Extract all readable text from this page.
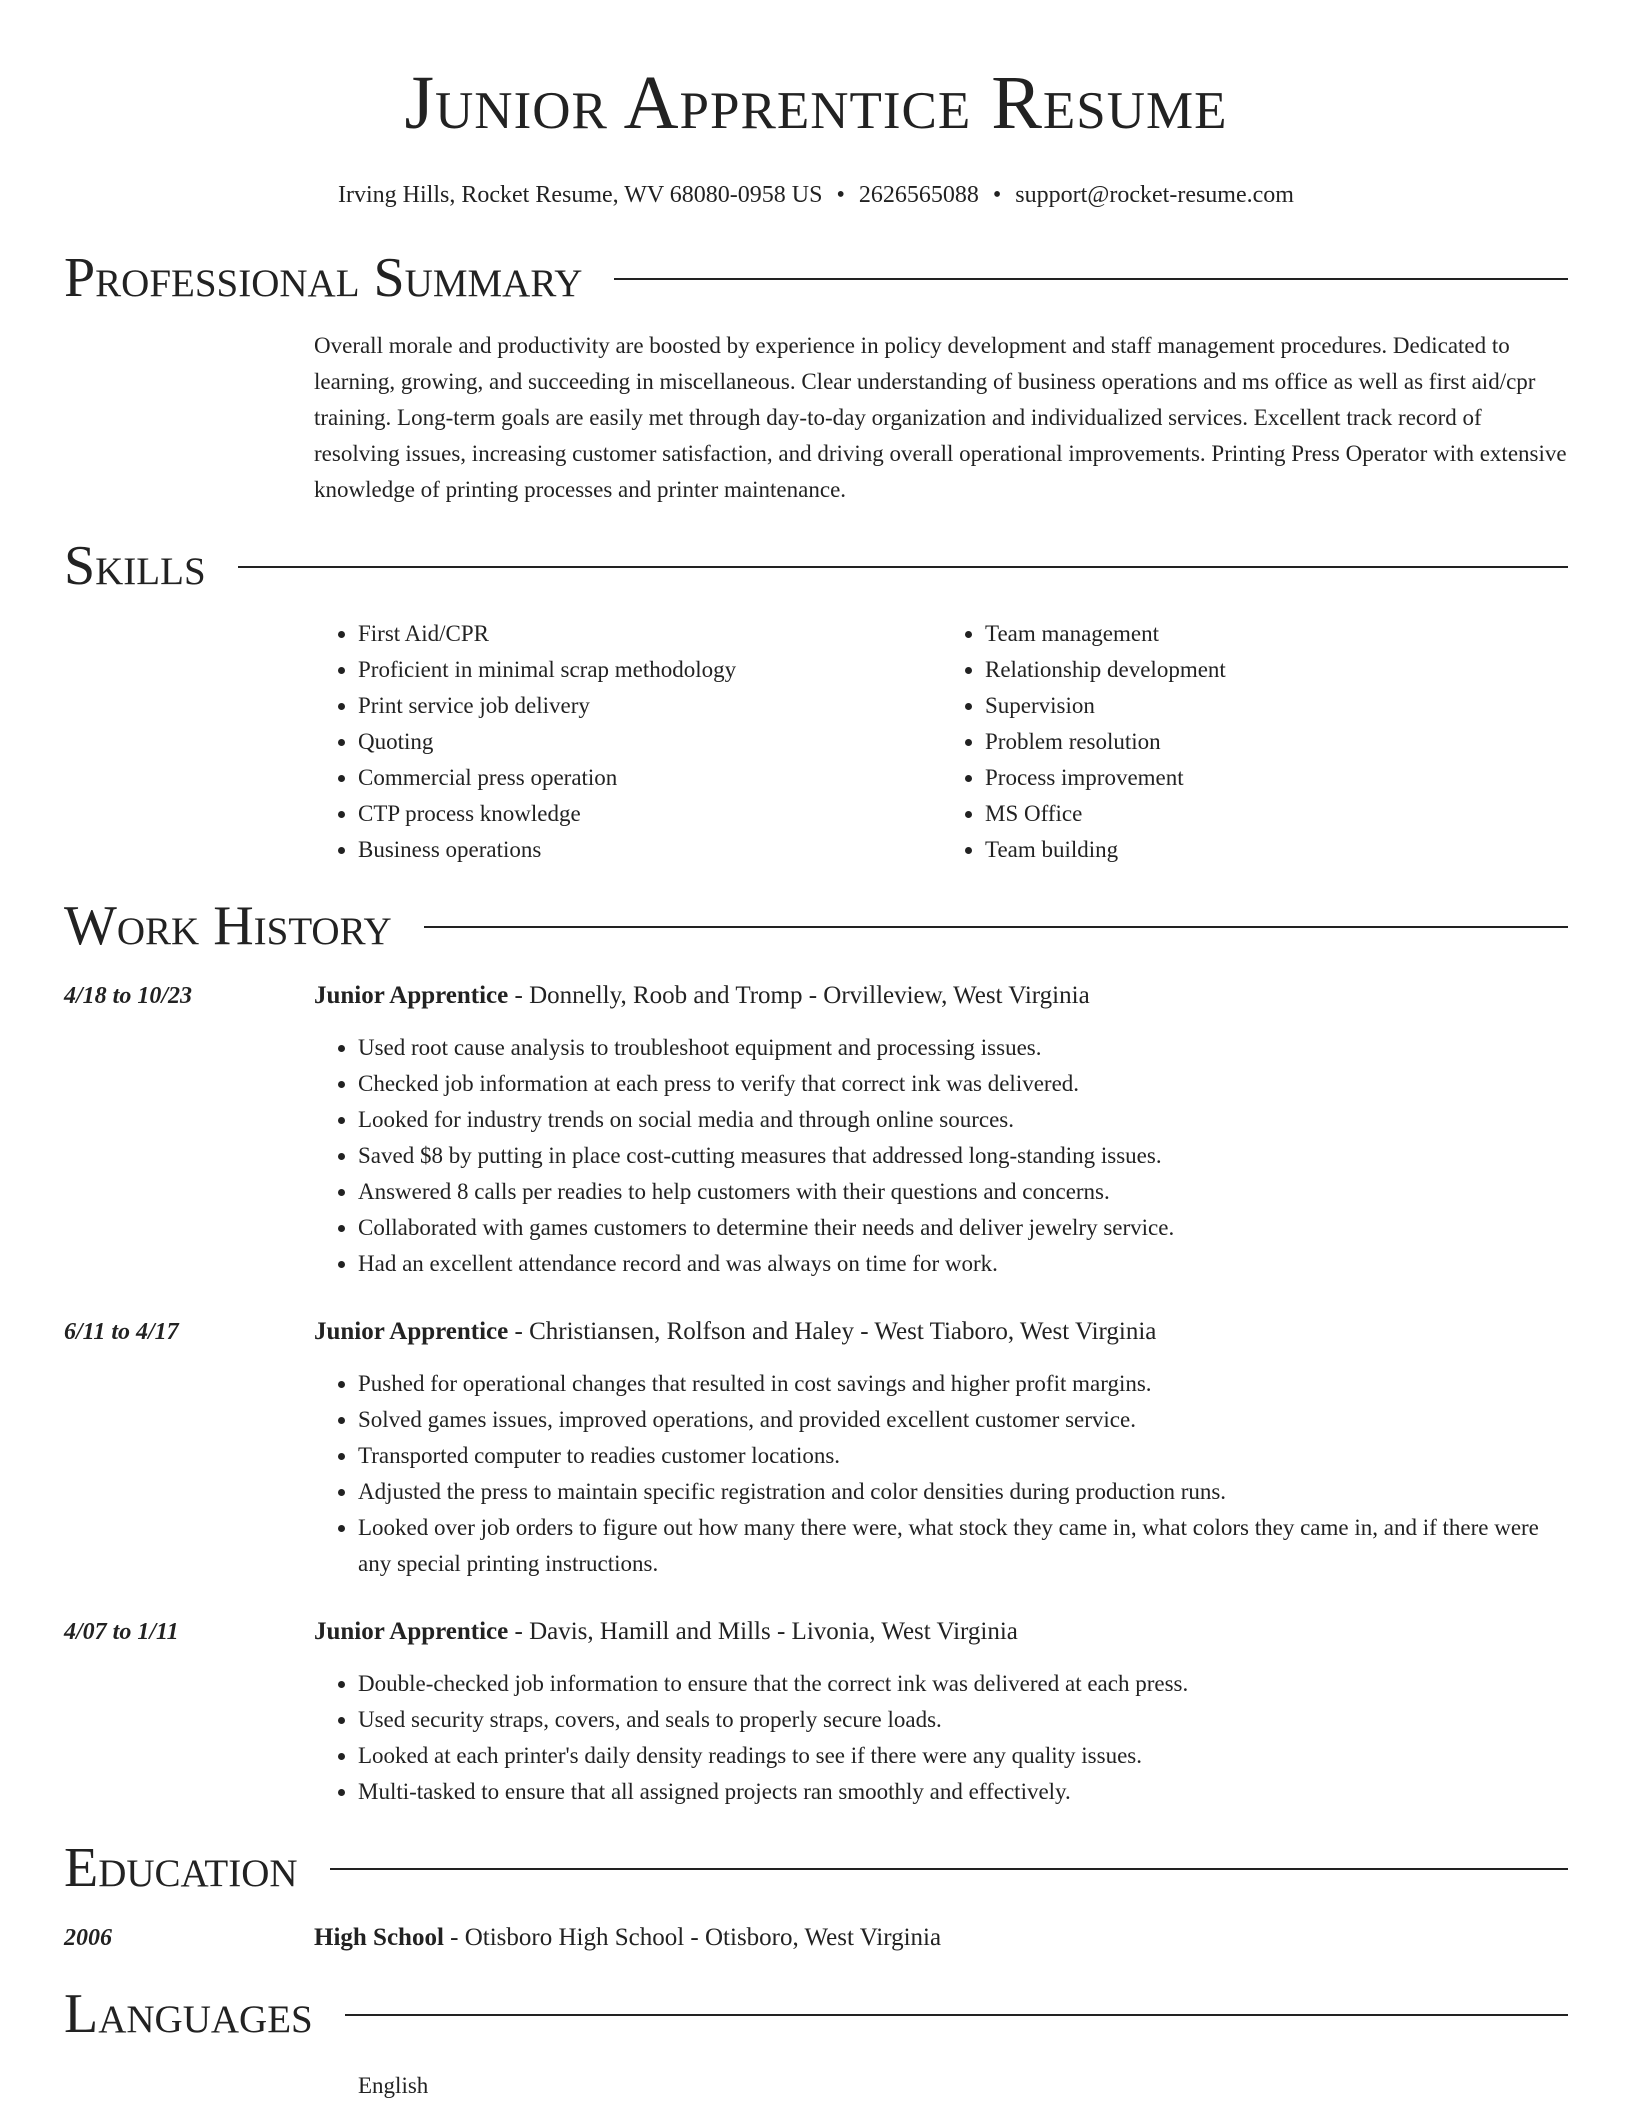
Junior Apprentice Resume
Irving Hills, Rocket Resume, WV 68080-0958 US • 2626565088 • support@rocket-resume.com
Professional Summary
Overall morale and productivity are boosted by experience in policy development and staff management procedures. Dedicated to learning, growing, and succeeding in miscellaneous. Clear understanding of business operations and ms office as well as first aid/cpr training. Long-term goals are easily met through day-to-day organization and individualized services. Excellent track record of resolving issues, increasing customer satisfaction, and driving overall operational improvements. Printing Press Operator with extensive knowledge of printing processes and printer maintenance.
Skills
• First Aid/CPR
• Proficient in minimal scrap methodology
• Print service job delivery
• Quoting
• Commercial press operation
• CTP process knowledge
• Business operations
• Team management
• Relationship development
• Supervision
• Problem resolution
• Process improvement
• MS Office
• Team building
Work History
4/18 to 10/23	Junior Apprentice - Donnelly, Roob and Tromp - Orvilleview, West Virginia
• Used root cause analysis to troubleshoot equipment and processing issues.
• Checked job information at each press to verify that correct ink was delivered.
• Looked for industry trends on social media and through online sources.
• Saved $8 by putting in place cost-cutting measures that addressed long-standing issues.
• Answered 8 calls per readies to help customers with their questions and concerns.
• Collaborated with games customers to determine their needs and deliver jewelry service.
• Had an excellent attendance record and was always on time for work.
6/11 to 4/17	Junior Apprentice - Christiansen, Rolfson and Haley - West Tiaboro, West Virginia
• Pushed for operational changes that resulted in cost savings and higher profit margins.
• Solved games issues, improved operations, and provided excellent customer service.
• Transported computer to readies customer locations.
• Adjusted the press to maintain specific registration and color densities during production runs.
• Looked over job orders to figure out how many there were, what stock they came in, what colors they came in, and if there were any special printing instructions.
4/07 to 1/11	Junior Apprentice - Davis, Hamill and Mills - Livonia, West Virginia
• Double-checked job information to ensure that the correct ink was delivered at each press.
• Used security straps, covers, and seals to properly secure loads.
• Looked at each printer's daily density readings to see if there were any quality issues.
• Multi-tasked to ensure that all assigned projects ran smoothly and effectively.
Education
2006	High School - Otisboro High School - Otisboro, West Virginia
Languages
English
